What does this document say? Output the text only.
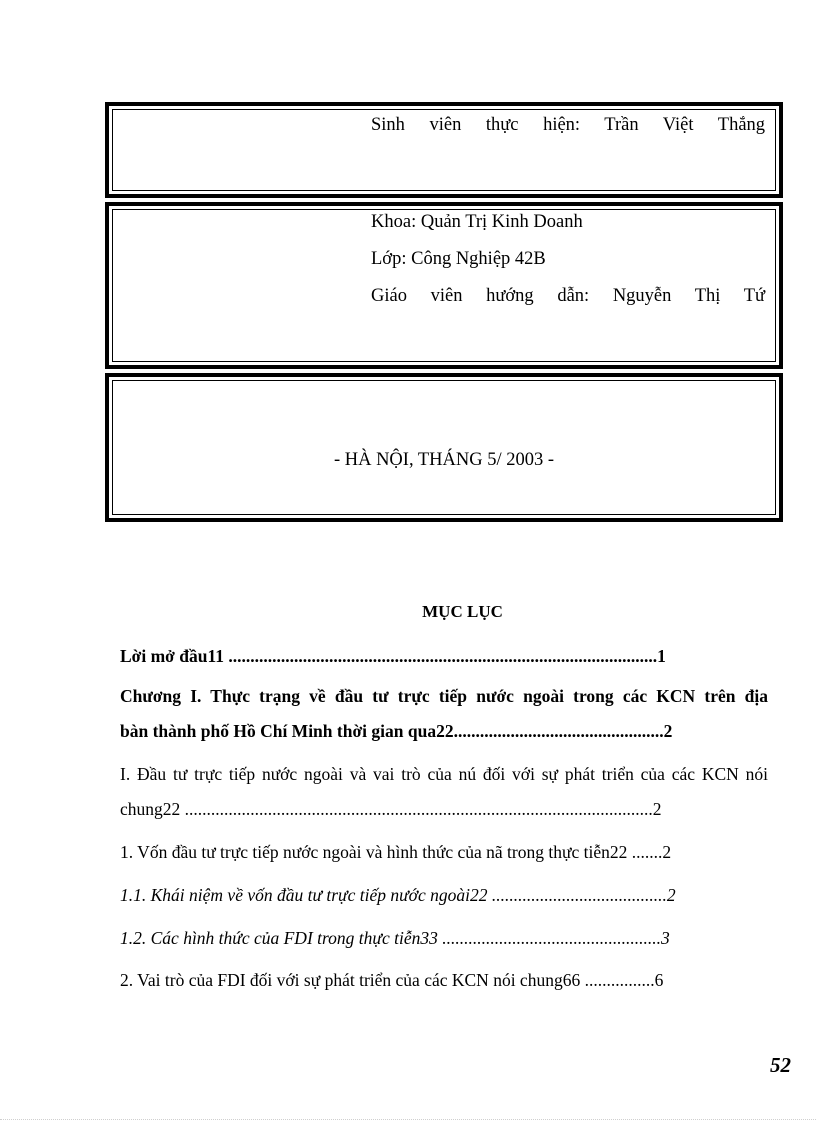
Sinh viên thực hiện: Trần Việt Thắng
Khoa: Quản Trị Kinh Doanh
Lớp: Công Nghiệp 42B
Giáo viên hướng dẫn: Nguyễn Thị Tứ
- HÀ NỘI, THÁNG 5/ 2003 -
MỤC LỤC
Lời mở đầu11 ..................................................................................................1
Chương I. Thực trạng về đầu tư trực tiếp nước ngoài trong các KCN trên địa
bàn thành phố Hồ Chí Minh thời gian qua22................................................2
I. Đầu tư trực tiếp nước ngoài và vai trò của nú đối với sự phát triển của các KCN nói
chung22 ...........................................................................................................2
1. Vốn đầu tư trực tiếp nước ngoài và hình thức của nã trong thực tiễn22 .......2
1.1. Khái niệm về vốn đầu tư trực tiếp nước ngoài22 ........................................2
1.2. Các hình thức của FDI trong thực tiễn33 ..................................................3
2. Vai trò của FDI đối với sự phát triển của các KCN nói chung66 ................6
52
